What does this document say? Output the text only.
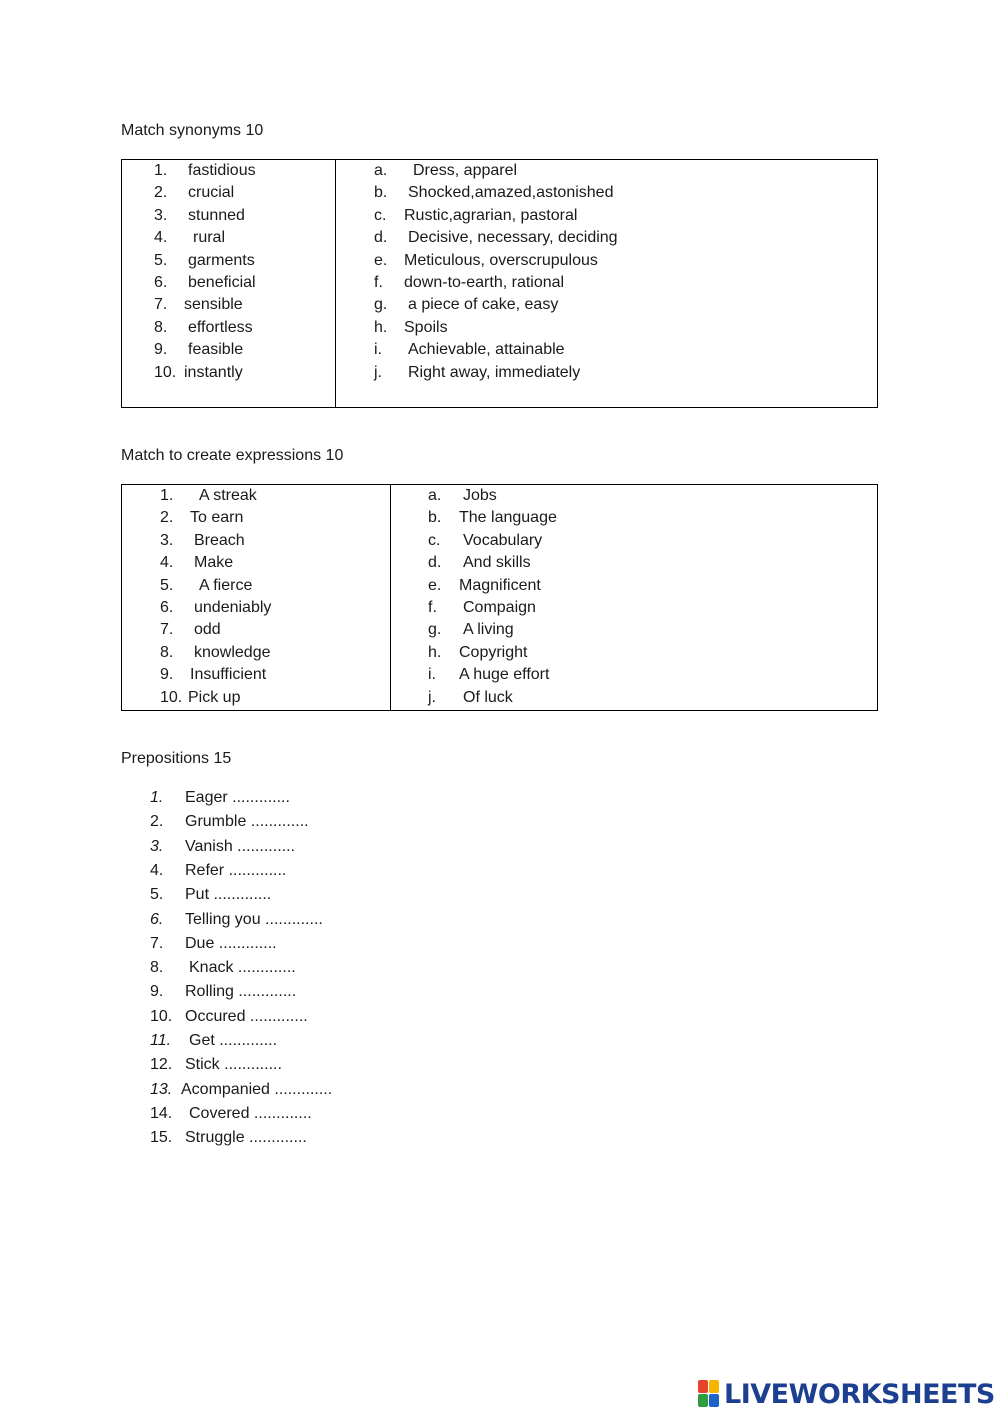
Match synonyms 10
1. fastidious
2. crucial
3. stunned
4. rural
5. garments
6. beneficial
7. sensible
8. effortless
9. feasible
10. instantly
a. Dress, apparel
b. Shocked,amazed,astonished
c. Rustic,agrarian, pastoral
d. Decisive, necessary, deciding
e. Meticulous, overscrupulous
f. down-to-earth, rational
g. a piece of cake, easy
h. Spoils
i. Achievable, attainable
j. Right away, immediately
Match to create expressions 10
1. A streak
2. To earn
3. Breach
4. Make
5. A fierce
6. undeniably
7. odd
8. knowledge
9. Insufficient
10. Pick up
a. Jobs
b. The language
c. Vocabulary
d. And skills
e. Magnificent
f. Compaign
g. A living
h. Copyright
i. A huge effort
j. Of luck
Prepositions 15
1. Eager .............
2. Grumble .............
3. Vanish .............
4. Refer .............
5. Put .............
6. Telling you .............
7. Due .............
8. Knack .............
9. Rolling .............
10. Occured .............
11. Get .............
12. Stick .............
13. Acompanied .............
14. Covered .............
15. Struggle .............
LIVEWORKSHEETS
